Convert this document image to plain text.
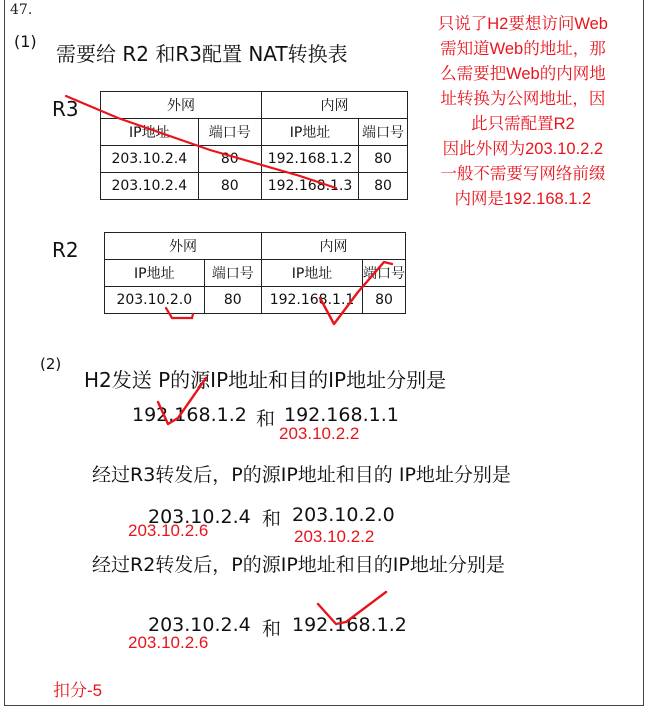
47.
(1)
需要给 R2 和R3配置 NAT转换表
R3	外网		内网	
IP地址	端口号	IP地址	端口号
203.10.2.4	80	192.168.1.2	80
203.10.2.4	80	192.168.1.3	80
R2	外网		内网	
IP地址	端口号	IP地址	端口号
203.10.2.0	80	192.168.1.1	80
(2)
H2发送 P的源IP地址和目的IP地址分别是
192.168.1.2 和 192.168.1.1
经过R3转发后，P的源IP地址和目的 IP地址分别是
203.10.2.4 和 203.10.2.0
经过R2转发后，P的源IP地址和目的IP地址分别是
203.10.2.4 和 192.168.1.2
只说了H2要想访问Web
需知道Web的地址，那
么需要把Web的内网地
址转换为公网地址，因
此只需配置R2
因此外网为203.10.2.2
一般不需要写网络前缀
内网是192.168.1.2
203.10.2.2
203.10.2.6	203.10.2.2
203.10.2.6
扣分-5
